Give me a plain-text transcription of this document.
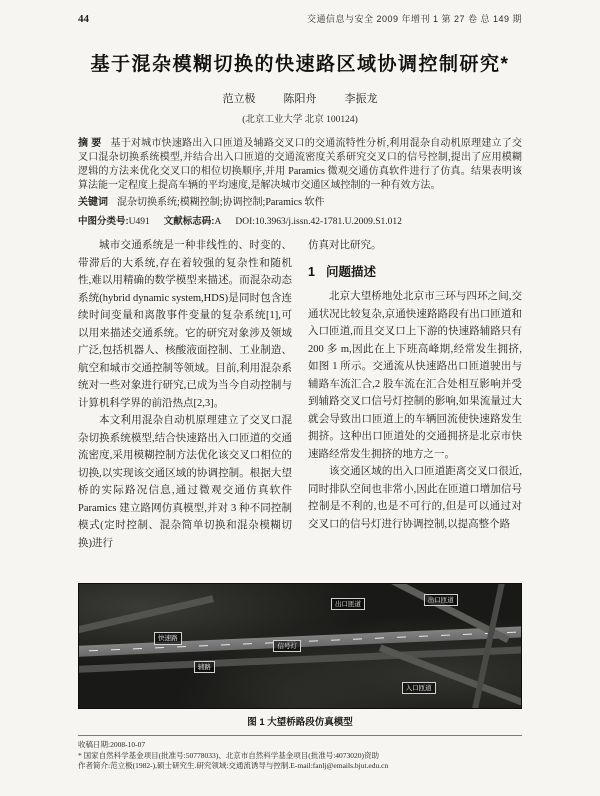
44	交通信息与安全 2009 年增刊 1 第 27 卷 总 149 期
基于混杂模糊切换的快速路区域协调控制研究*
范立极	陈阳舟	李振龙
(北京工业大学 北京 100124)

摘 要 基于对城市快速路出入口匝道及辅路交叉口的交通流特性分析,利用混杂自动机原理建立了交叉口混杂切换系统模型,并结合出入口匝道的交通流密度关系研究交叉口的信号控制,提出了应用模糊逻辑的方法来优化交叉口的相位切换顺序,并用 Paramics 微观交通仿真软件进行了仿真。结果表明该算法能一定程度上提高车辆的平均速度,是解决城市交通区域控制的一种有效方法。

关键词 混杂切换系统;模糊控制;协调控制;Paramics 软件

中图分类号:U491 文献标志码:A DOI:10.3963/j.issn.42-1781.U.2009.S1.012

城市交通系统是一种非线性的、时变的、带滞后的大系统,存在着较强的复杂性和随机性,难以用精确的数学模型来描述。而混杂动态系统(hybrid dynamic system,HDS)是同时包含连续时间变量和离散事件变量的复杂系统[1],可以用来描述交通系统。它的研究对象涉及领域广泛,包括机器人、核酸液面控制、工业制造、航空和城市交通控制等领域。目前,利用混杂系统对一些对象进行研究,已成为当今自动控制与计算机科学界的前沿热点[2,3]。

本文利用混杂自动机原理建立了交叉口混杂切换系统模型,结合快速路出入口匝道的交通流密度,采用模糊控制方法优化该交叉口相位的切换,以实现该交通区域的协调控制。根据大望桥的实际路况信息,通过微观交通仿真软件 Paramics 建立路网仿真模型,并对 3 种不同控制模式(定时控制、混杂简单切换和混杂模糊切换)进行

仿真对比研究。

1 问题描述

北京大望桥地处北京市三环与四环之间,交通状况比较复杂,京通快速路路段有出口匝道和入口匝道,而且交叉口上下游的快速路辅路只有 200 多 m,因此在上下班高峰期,经常发生拥挤,如图 1 所示。交通流从快速路出口匝道驶出与辅路车流汇合,2 股车流在汇合处相互影响并受到辅路交叉口信号灯控制的影响,如果流量过大就会导致出口匝道上的车辆回流使快速路发生拥挤。这种出口匝道处的交通拥挤是北京市快速路经常发生拥挤的地方之一。

该交通区域的出入口匝道距离交叉口很近,同时排队空间也非常小,因此在匝道口增加信号控制是不利的,也是不可行的,但是可以通过对交叉口的信号灯进行协调控制,以提高整个路

出口匝道	出口匝道
快速路
信号灯
辅路
入口匝道
图 1 大望桥路段仿真模型

收稿日期:2008-10-07

* 国家自然科学基金项目(批准号:50778033)、北京市自然科学基金项目(批准号:4073020)资助

作者简介:范立极(1982-),硕士研究生.研究领域:交通流诱导与控制.E-mail:fanlj@emails.bjut.edu.cn
